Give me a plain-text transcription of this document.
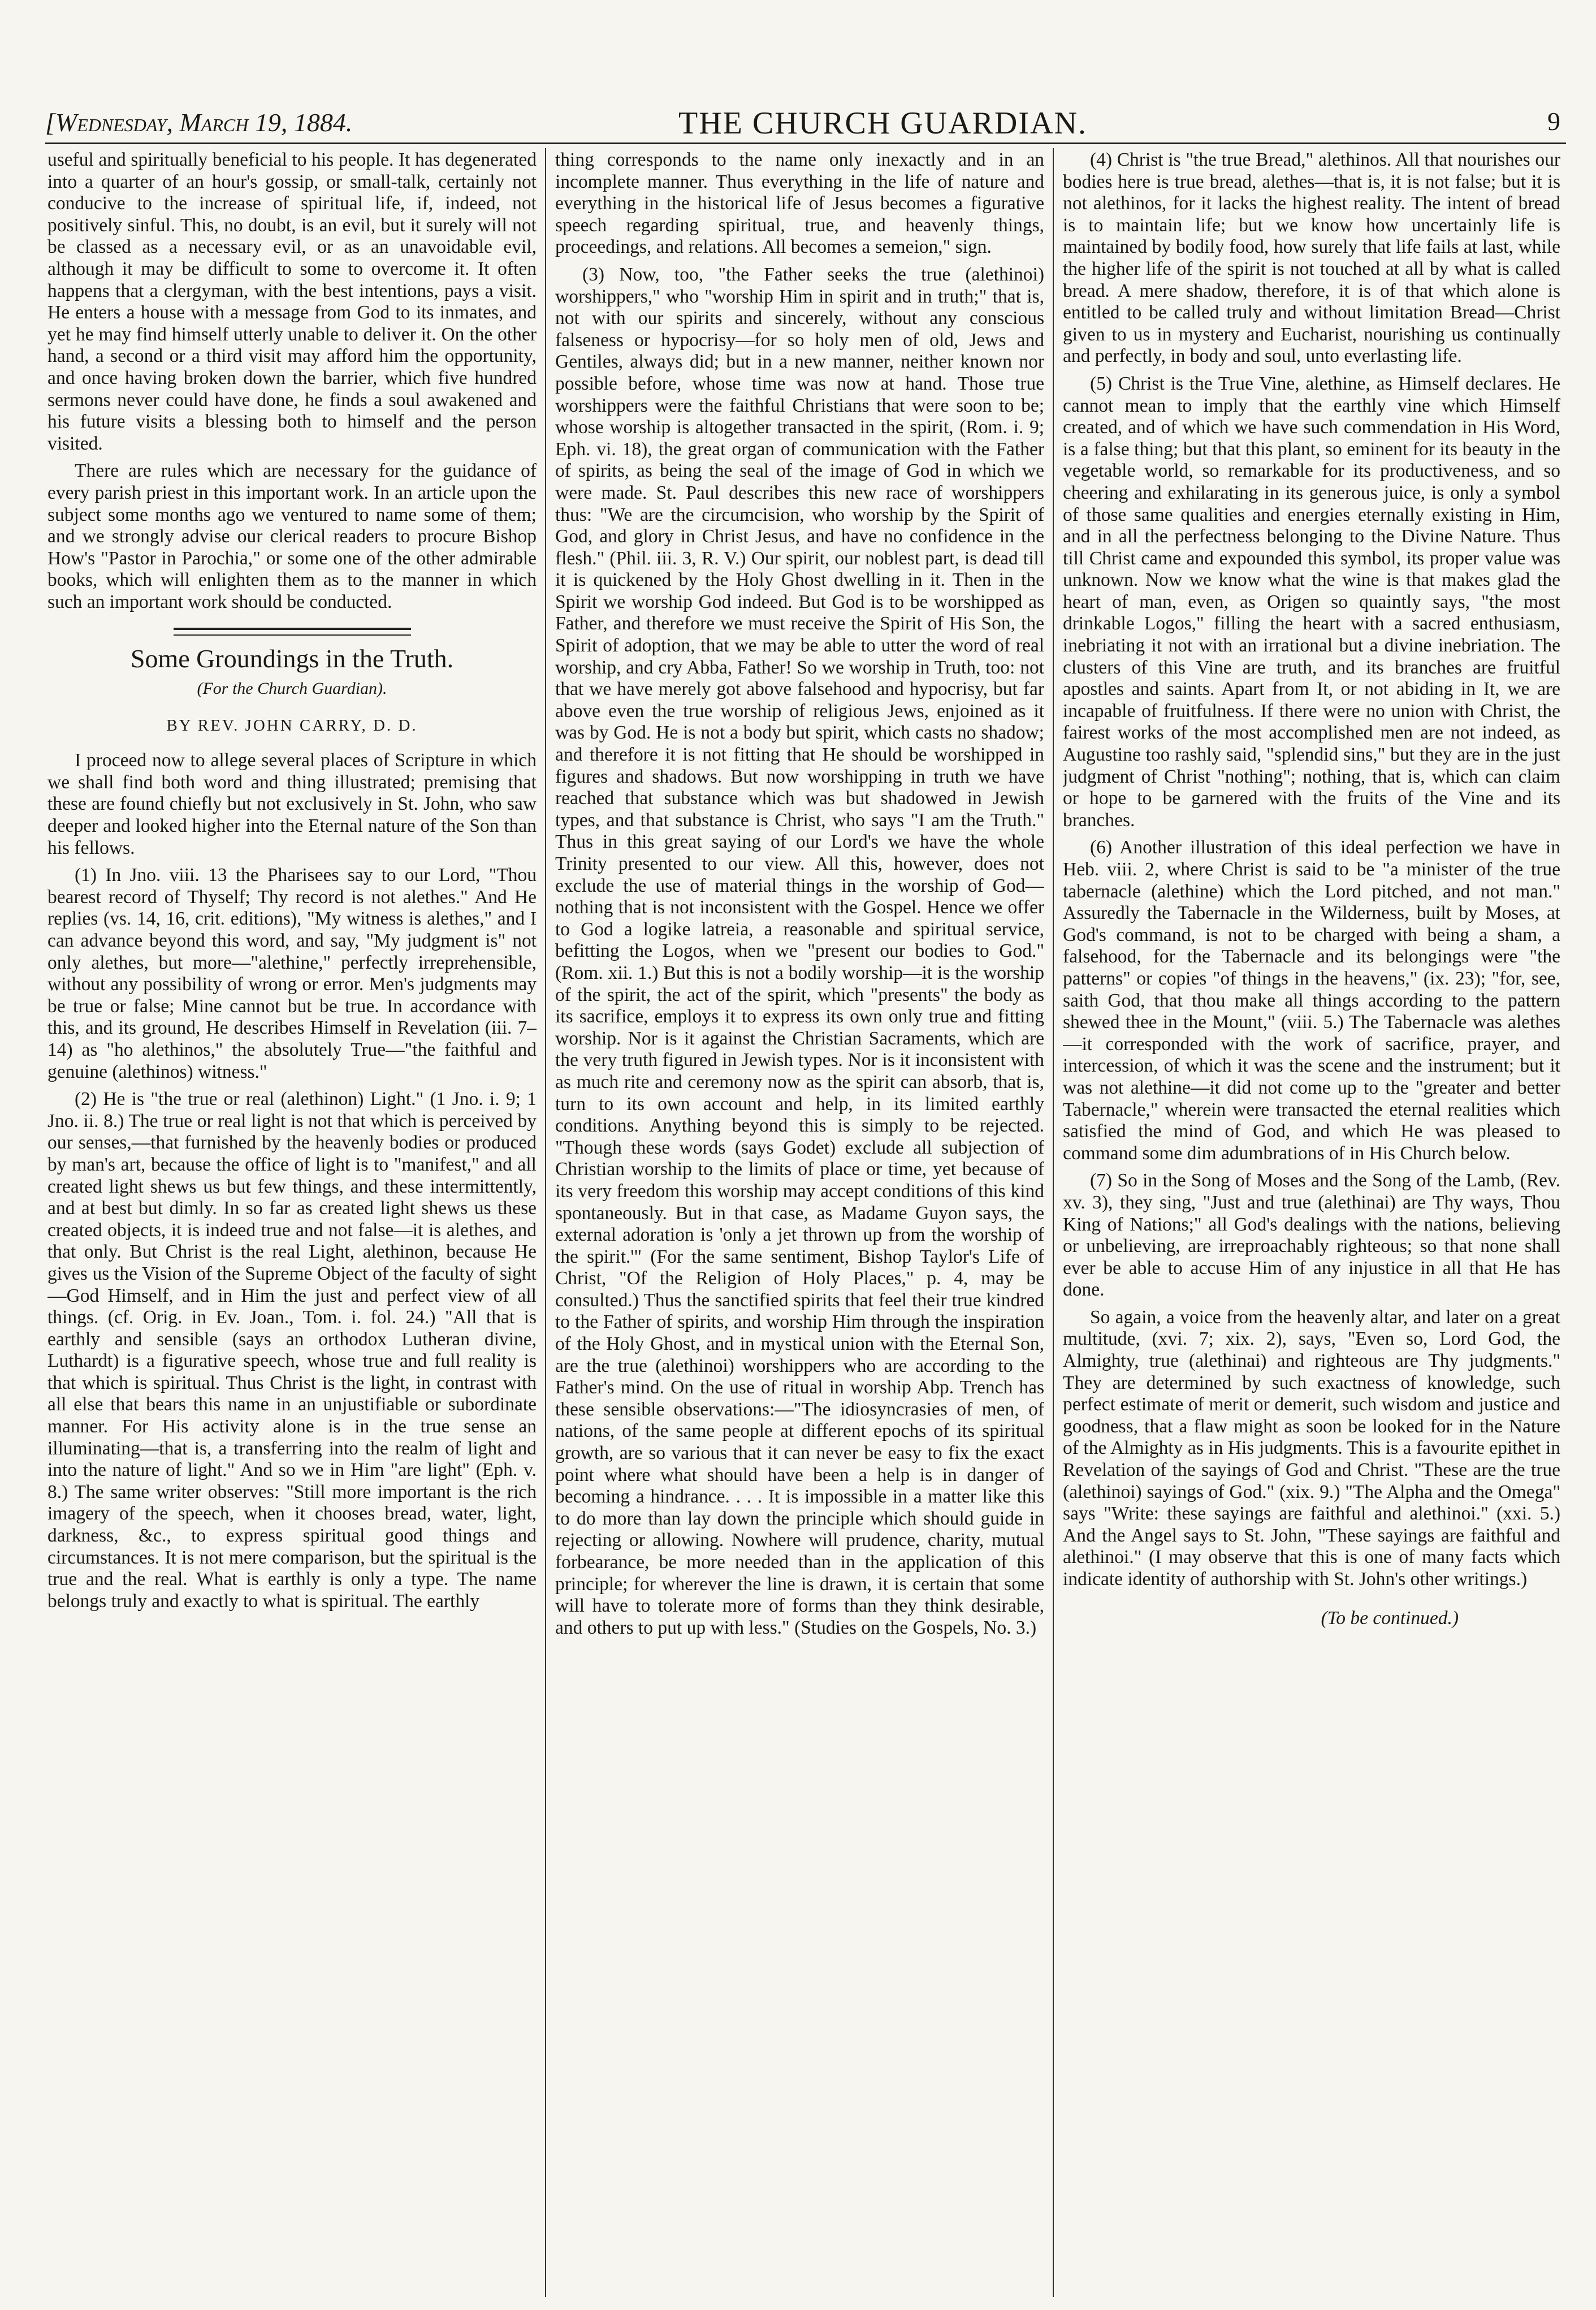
[Wednesday, March 19, 1884.	THE CHURCH GUARDIAN.	9

useful and spiritually beneficial to his people. It has degenerated into a quarter of an hour's gossip, or small-talk, certainly not conducive to the increase of spiritual life, if, indeed, not positively sinful. This, no doubt, is an evil, but it surely will not be classed as a necessary evil, or as an unavoidable evil, although it may be difficult to some to overcome it. It often happens that a clergyman, with the best intentions, pays a visit. He enters a house with a message from God to its inmates, and yet he may find himself utterly unable to deliver it. On the other hand, a second or a third visit may afford him the opportunity, and once having broken down the barrier, which five hundred sermons never could have done, he finds a soul awakened and his future visits a blessing both to himself and the person visited.

There are rules which are necessary for the guidance of every parish priest in this important work. In an article upon the subject some months ago we ventured to name some of them; and we strongly advise our clerical readers to procure Bishop How's "Pastor in Parochia," or some one of the other admirable books, which will enlighten them as to the manner in which such an important work should be conducted.

Some Groundings in the Truth.
(For the Church Guardian).
BY REV. JOHN CARRY, D. D.

I proceed now to allege several places of Scripture in which we shall find both word and thing illustrated; premising that these are found chiefly but not exclusively in St. John, who saw deeper and looked higher into the Eternal nature of the Son than his fellows.

(1) In Jno. viii. 13 the Pharisees say to our Lord, "Thou bearest record of Thyself; Thy record is not alethes." And He replies (vs. 14, 16, crit. editions), "My witness is alethes," and I can advance beyond this word, and say, "My judgment is" not only alethes, but more—"alethine," perfectly irreprehensible, without any possibility of wrong or error. Men's judgments may be true or false; Mine cannot but be true. In accordance with this, and its ground, He describes Himself in Revelation (iii. 7–14) as "ho alethinos," the absolutely True—"the faithful and genuine (alethinos) witness."

(2) He is "the true or real (alethinon) Light." (1 Jno. i. 9; 1 Jno. ii. 8.) The true or real light is not that which is perceived by our senses,—that furnished by the heavenly bodies or produced by man's art, because the office of light is to "manifest," and all created light shews us but few things, and these intermittently, and at best but dimly. In so far as created light shews us these created objects, it is indeed true and not false—it is alethes, and that only. But Christ is the real Light, alethinon, because He gives us the Vision of the Supreme Object of the faculty of sight—God Himself, and in Him the just and perfect view of all things. (cf. Orig. in Ev. Joan., Tom. i. fol. 24.) "All that is earthly and sensible (says an orthodox Lutheran divine, Luthardt) is a figurative speech, whose true and full reality is that which is spiritual. Thus Christ is the light, in contrast with all else that bears this name in an unjustifiable or subordinate manner. For His activity alone is in the true sense an illuminating—that is, a transferring into the realm of light and into the nature of light." And so we in Him "are light" (Eph. v. 8.) The same writer observes: "Still more important is the rich imagery of the speech, when it chooses bread, water, light, darkness, &c., to express spiritual good things and circumstances. It is not mere comparison, but the spiritual is the true and the real. What is earthly is only a type. The name belongs truly and exactly to what is spiritual. The earthly

thing corresponds to the name only inexactly and in an incomplete manner. Thus everything in the life of nature and everything in the historical life of Jesus becomes a figurative speech regarding spiritual, true, and heavenly things, proceedings, and relations. All becomes a semeion," sign.

(3) Now, too, "the Father seeks the true (alethinoi) worshippers," who "worship Him in spirit and in truth;" that is, not with our spirits and sincerely, without any conscious falseness or hypocrisy—for so holy men of old, Jews and Gentiles, always did; but in a new manner, neither known nor possible before, whose time was now at hand. Those true worshippers were the faithful Christians that were soon to be; whose worship is altogether transacted in the spirit, (Rom. i. 9; Eph. vi. 18), the great organ of communication with the Father of spirits, as being the seal of the image of God in which we were made. St. Paul describes this new race of worshippers thus: "We are the circumcision, who worship by the Spirit of God, and glory in Christ Jesus, and have no confidence in the flesh." (Phil. iii. 3, R. V.) Our spirit, our noblest part, is dead till it is quickened by the Holy Ghost dwelling in it. Then in the Spirit we worship God indeed. But God is to be worshipped as Father, and therefore we must receive the Spirit of His Son, the Spirit of adoption, that we may be able to utter the word of real worship, and cry Abba, Father! So we worship in Truth, too: not that we have merely got above falsehood and hypocrisy, but far above even the true worship of religious Jews, enjoined as it was by God. He is not a body but spirit, which casts no shadow; and therefore it is not fitting that He should be worshipped in figures and shadows. But now worshipping in truth we have reached that substance which was but shadowed in Jewish types, and that substance is Christ, who says "I am the Truth." Thus in this great saying of our Lord's we have the whole Trinity presented to our view. All this, however, does not exclude the use of material things in the worship of God—nothing that is not inconsistent with the Gospel. Hence we offer to God a logike latreia, a reasonable and spiritual service, befitting the Logos, when we "present our bodies to God." (Rom. xii. 1.) But this is not a bodily worship—it is the worship of the spirit, the act of the spirit, which "presents" the body as its sacrifice, employs it to express its own only true and fitting worship. Nor is it against the Christian Sacraments, which are the very truth figured in Jewish types. Nor is it inconsistent with as much rite and ceremony now as the spirit can absorb, that is, turn to its own account and help, in its limited earthly conditions. Anything beyond this is simply to be rejected. "Though these words (says Godet) exclude all subjection of Christian worship to the limits of place or time, yet because of its very freedom this worship may accept conditions of this kind spontaneously. But in that case, as Madame Guyon says, the external adoration is 'only a jet thrown up from the worship of the spirit.'" (For the same sentiment, Bishop Taylor's Life of Christ, "Of the Religion of Holy Places," p. 4, may be consulted.) Thus the sanctified spirits that feel their true kindred to the Father of spirits, and worship Him through the inspiration of the Holy Ghost, and in mystical union with the Eternal Son, are the true (alethinoi) worshippers who are according to the Father's mind. On the use of ritual in worship Abp. Trench has these sensible observations:—"The idiosyncrasies of men, of nations, of the same people at different epochs of its spiritual growth, are so various that it can never be easy to fix the exact point where what should have been a help is in danger of becoming a hindrance. . . . It is impossible in a matter like this to do more than lay down the principle which should guide in rejecting or allowing. Nowhere will prudence, charity, mutual forbearance, be more needed than in the application of this principle; for wherever the line is drawn, it is certain that some will have to tolerate more of forms than they think desirable, and others to put up with less." (Studies on the Gospels, No. 3.)

(4) Christ is "the true Bread," alethinos. All that nourishes our bodies here is true bread, alethes—that is, it is not false; but it is not alethinos, for it lacks the highest reality. The intent of bread is to maintain life; but we know how uncertainly life is maintained by bodily food, how surely that life fails at last, while the higher life of the spirit is not touched at all by what is called bread. A mere shadow, therefore, it is of that which alone is entitled to be called truly and without limitation Bread—Christ given to us in mystery and Eucharist, nourishing us continually and perfectly, in body and soul, unto everlasting life.

(5) Christ is the True Vine, alethine, as Himself declares. He cannot mean to imply that the earthly vine which Himself created, and of which we have such commendation in His Word, is a false thing; but that this plant, so eminent for its beauty in the vegetable world, so remarkable for its productiveness, and so cheering and exhilarating in its generous juice, is only a symbol of those same qualities and energies eternally existing in Him, and in all the perfectness belonging to the Divine Nature. Thus till Christ came and expounded this symbol, its proper value was unknown. Now we know what the wine is that makes glad the heart of man, even, as Origen so quaintly says, "the most drinkable Logos," filling the heart with a sacred enthusiasm, inebriating it not with an irrational but a divine inebriation. The clusters of this Vine are truth, and its branches are fruitful apostles and saints. Apart from It, or not abiding in It, we are incapable of fruitfulness. If there were no union with Christ, the fairest works of the most accomplished men are not indeed, as Augustine too rashly said, "splendid sins," but they are in the just judgment of Christ "nothing"; nothing, that is, which can claim or hope to be garnered with the fruits of the Vine and its branches.

(6) Another illustration of this ideal perfection we have in Heb. viii. 2, where Christ is said to be "a minister of the true tabernacle (alethine) which the Lord pitched, and not man." Assuredly the Tabernacle in the Wilderness, built by Moses, at God's command, is not to be charged with being a sham, a falsehood, for the Tabernacle and its belongings were "the patterns" or copies "of things in the heavens," (ix. 23); "for, see, saith God, that thou make all things according to the pattern shewed thee in the Mount," (viii. 5.) The Tabernacle was alethes—it corresponded with the work of sacrifice, prayer, and intercession, of which it was the scene and the instrument; but it was not alethine—it did not come up to the "greater and better Tabernacle," wherein were transacted the eternal realities which satisfied the mind of God, and which He was pleased to command some dim adumbrations of in His Church below.

(7) So in the Song of Moses and the Song of the Lamb, (Rev. xv. 3), they sing, "Just and true (alethinai) are Thy ways, Thou King of Nations;" all God's dealings with the nations, believing or unbelieving, are irreproachably righteous; so that none shall ever be able to accuse Him of any injustice in all that He has done.

So again, a voice from the heavenly altar, and later on a great multitude, (xvi. 7; xix. 2), says, "Even so, Lord God, the Almighty, true (alethinai) and righteous are Thy judgments." They are determined by such exactness of knowledge, such perfect estimate of merit or demerit, such wisdom and justice and goodness, that a flaw might as soon be looked for in the Nature of the Almighty as in His judgments. This is a favourite epithet in Revelation of the sayings of God and Christ. "These are the true (alethinoi) sayings of God." (xix. 9.) "The Alpha and the Omega" says "Write: these sayings are faithful and alethinoi." (xxi. 5.) And the Angel says to St. John, "These sayings are faithful and alethinoi." (I may observe that this is one of many facts which indicate identity of authorship with St. John's other writings.)

(To be continued.)
